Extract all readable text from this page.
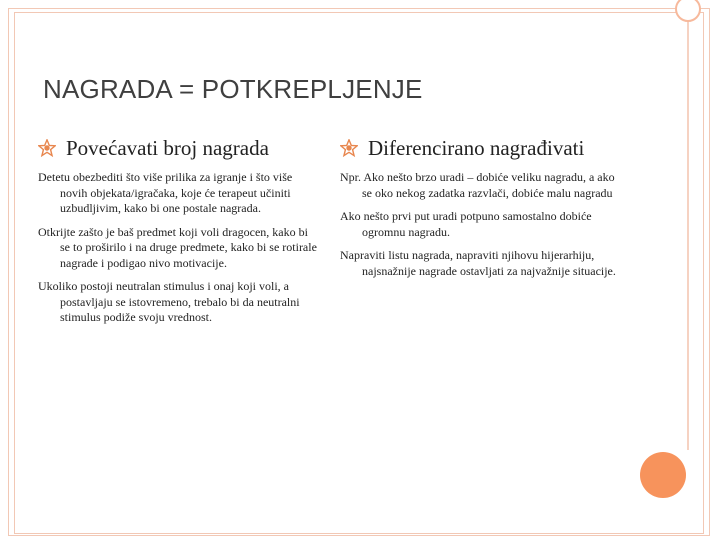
NAGRADA = POTKREPLJENJE
Povećavati broj nagrada

Detetu obezbediti što više prilika za igranje i što više novih objekata/igračaka, koje će terapeut učiniti uzbudljivim, kako bi one postale nagrada.

Otkrijte zašto je baš predmet koji voli dragocen, kako bi se to proširilo i na druge predmete, kako bi se rotirale nagrade i podigao nivo motivacije.

Ukoliko postoji neutralan stimulus i onaj koji voli, a postavljaju se istovremeno, trebalo bi da neutralni stimulus podiže svoju vrednost.

Diferencirano nagrađivati

Npr. Ako nešto brzo uradi – dobiće veliku nagradu, a ako se oko nekog zadatka razvlači, dobiće malu nagradu

Ako nešto prvi put uradi potpuno samostalno dobiće ogromnu nagradu.

Napraviti listu nagrada, napraviti njihovu hijerarhiju, najsnažnije nagrade ostavljati za najvažnije situacije.
